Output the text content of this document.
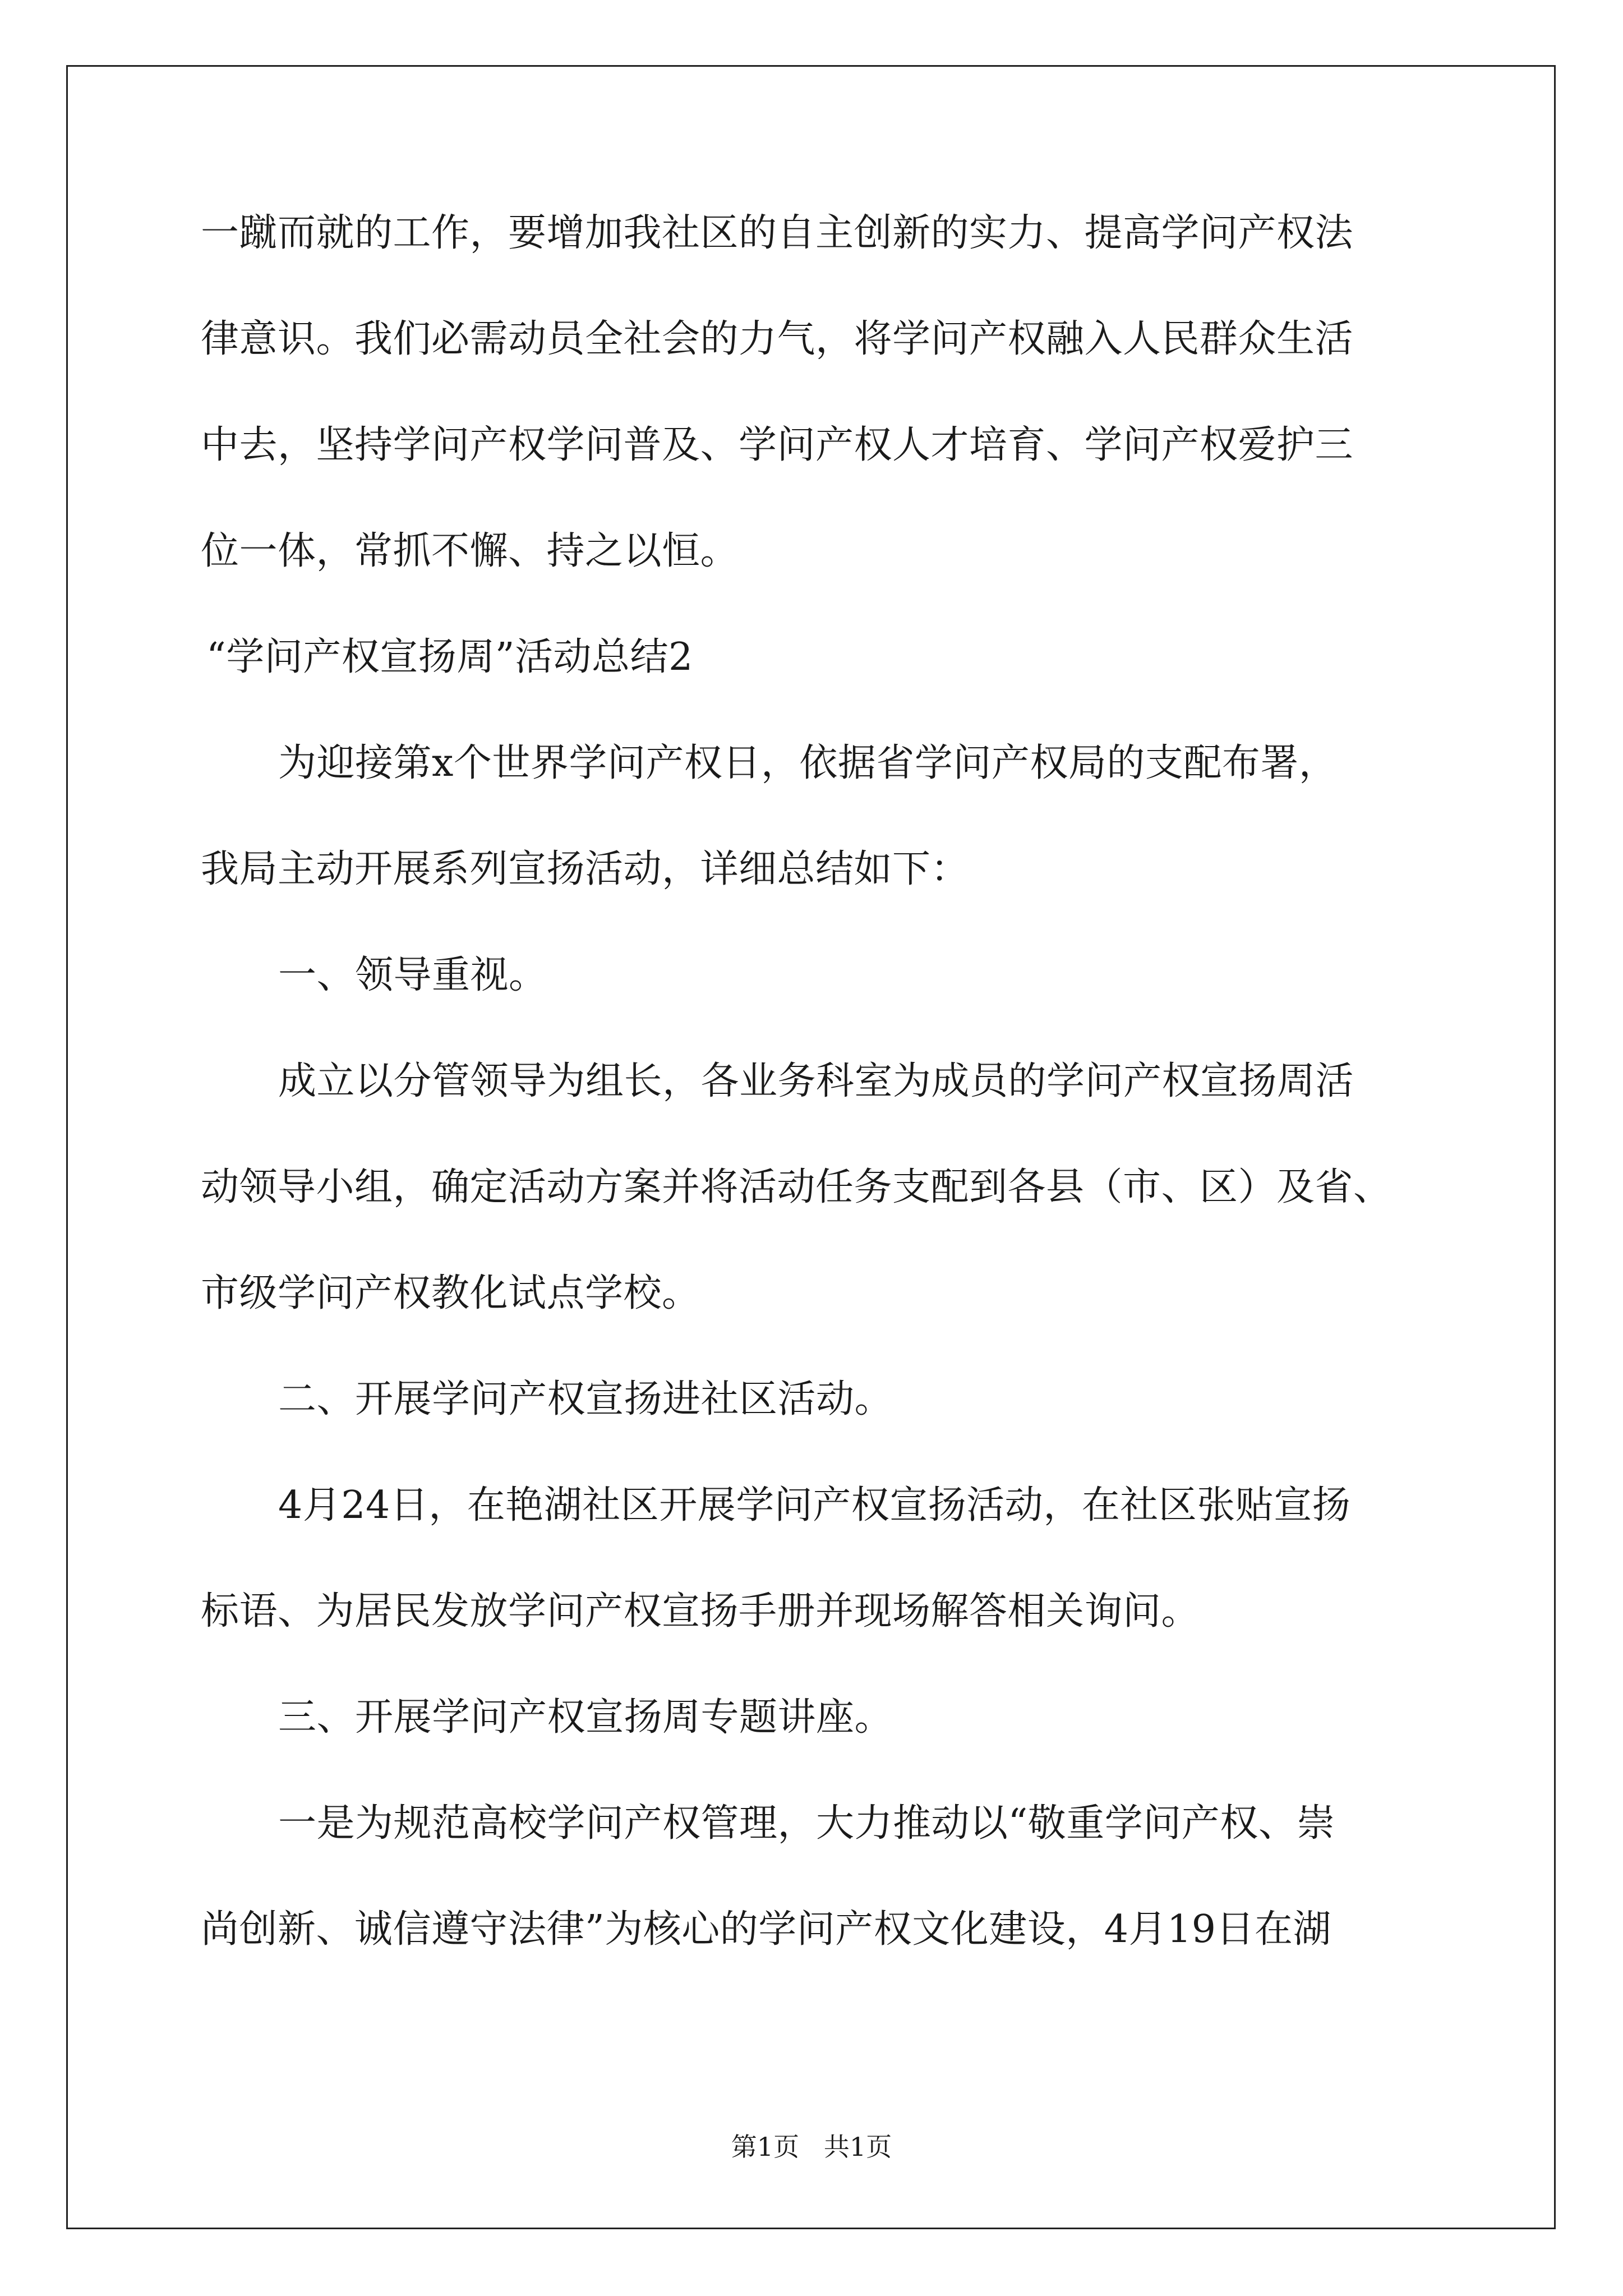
一蹴而就的工作，要增加我社区的自主创新的实力、提高学问产权法

律意识。我们必需动员全社会的力气，将学问产权融入人民群众生活

中去，坚持学问产权学问普及、学问产权人才培育、学问产权爱护三

位一体，常抓不懈、持之以恒。

“学问产权宣扬周”活动总结2

为迎接第x个世界学问产权日，依据省学问产权局的支配布署，

我局主动开展系列宣扬活动，详细总结如下：

一、领导重视。

成立以分管领导为组长，各业务科室为成员的学问产权宣扬周活

动领导小组，确定活动方案并将活动任务支配到各县（市、区）及省、

市级学问产权教化试点学校。

二、开展学问产权宣扬进社区活动。

4月24日，在艳湖社区开展学问产权宣扬活动，在社区张贴宣扬

标语、为居民发放学问产权宣扬手册并现场解答相关询问。

三、开展学问产权宣扬周专题讲座。

一是为规范高校学问产权管理，大力推动以“敬重学问产权、崇

尚创新、诚信遵守法律”为核心的学问产权文化建设，4月19日在湖

第1页   共1页
